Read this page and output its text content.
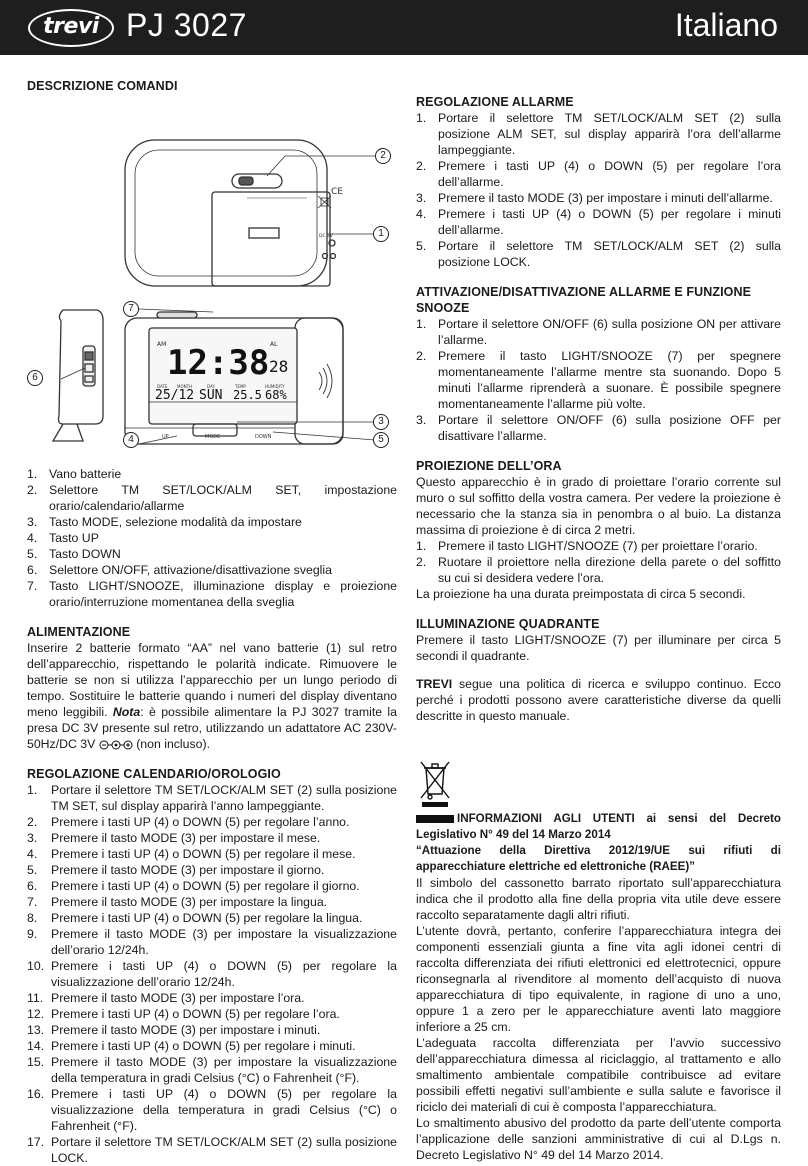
trevi PJ 3027	Italiano
DESCRIZIONE COMANDI
CE
DC 3V
AM 12:38 AL
28
DATE MONTH	DAY	TEMP	HUMIDITY
25/12 SUN 25.5 68%
UP	MODE	DOWN
2
1
7
6
3
4	5
1. Vano batterie
2. Selettore TM SET/LOCK/ALM SET, impostazione orario/calendario/allarme
3. Tasto MODE, selezione modalità da impostare
4. Tasto UP
5. Tasto DOWN
6. Selettore ON/OFF, attivazione/disattivazione sveglia
7. Tasto LIGHT/SNOOZE, illuminazione display e proiezione orario/interruzione momentanea della sveglia
ALIMENTAZIONE

Inserire 2 batterie formato “AA” nel vano batterie (1) sul retro dell’apparecchio, rispettando le polarità indicate. Rimuovere le batterie se non si utilizza l’apparecchio per un lungo periodo di tempo. Sostituire le batterie quando i numeri del display diventano meno leggibili. Nota: è possibile alimentare la PJ 3027 tramite la presa DC 3V presente sul retro, utilizzando un adattatore AC 230V-50Hz/DC 3V	(non incluso).

REGOLAZIONE CALENDARIO/OROLOGIO
1. Portare il selettore TM SET/LOCK/ALM SET (2) sulla posizione TM SET, sul display apparirà l’anno lampeggiante.
2. Premere i tasti UP (4) o DOWN (5) per regolare l’anno.
3. Premere il tasto MODE (3) per impostare il mese.
4. Premere i tasti UP (4) o DOWN (5) per regolare il mese.
5. Premere il tasto MODE (3) per impostare il giorno.
6. Premere i tasti UP (4) o DOWN (5) per regolare il giorno.
7. Premere il tasto MODE (3) per impostare la lingua.
8. Premere i tasti UP (4) o DOWN (5) per regolare la lingua.
9. Premere il tasto MODE (3) per impostare la visualizzazione dell’orario 12/24h.
10. Premere i tasti UP (4) o DOWN (5) per regolare la visualizzazione dell’orario 12/24h.
11. Premere il tasto MODE (3) per impostare l’ora.
12. Premere i tasti UP (4) o DOWN (5) per regolare l’ora.
13. Premere il tasto MODE (3) per impostare i minuti.
14. Premere i tasti UP (4) o DOWN (5) per regolare i minuti.
15. Premere il tasto MODE (3) per impostare la visualizzazione della temperatura in gradi Celsius (°C) o Fahrenheit (°F).
16. Premere i tasti UP (4) o DOWN (5) per regolare la visualizzazione della temperatura in gradi Celsius (°C) o Fahrenheit (°F).
17. Portare il selettore TM SET/LOCK/ALM SET (2) sulla posizione LOCK.
REGOLAZIONE ALLARME
1. Portare il selettore TM SET/LOCK/ALM SET (2) sulla posizione ALM SET, sul display apparirà l’ora dell’allarme lampeggiante.
2. Premere i tasti UP (4) o DOWN (5) per regolare l’ora dell’allarme.
3. Premere il tasto MODE (3) per impostare i minuti dell’allarme.
4. Premere i tasti UP (4) o DOWN (5) per regolare i minuti dell’allarme.
5. Portare il selettore TM SET/LOCK/ALM SET (2) sulla posizione LOCK.
ATTIVAZIONE/DISATTIVAZIONE ALLARME E FUNZIONE SNOOZE
1. Portare il selettore ON/OFF (6) sulla posizione ON per attivare l’allarme.
2. Premere il tasto LIGHT/SNOOZE (7) per spegnere momentaneamente l’allarme mentre sta suonando. Dopo 5 minuti l’allarme riprenderà a suonare. È possibile spegnere momentaneamente l’allarme più volte.
3. Portare il selettore ON/OFF (6) sulla posizione OFF per disattivare l’allarme.
PROIEZIONE DELL’ORA

Questo apparecchio è in grado di proiettare l’orario corrente sul muro o sul soffitto della vostra camera. Per vedere la proiezione è necessario che la stanza sia in penombra o al buio. La distanza massima di proiezione è di circa 2 metri.

1. Premere il tasto LIGHT/SNOOZE (7) per proiettare l’orario.
2. Ruotare il proiettore nella direzione della parete o del soffitto su cui si desidera vedere l’ora.

La proiezione ha una durata preimpostata di circa 5 secondi.

ILLUMINAZIONE QUADRANTE

Premere il tasto LIGHT/SNOOZE (7) per illuminare per circa 5 secondi il quadrante.

TREVI segue una politica di ricerca e sviluppo continuo. Ecco perché i prodotti possono avere caratteristiche diverse da quelli descritte in questo manuale.

INFORMAZIONI AGLI UTENTI ai sensi del Decreto Legislativo N° 49 del 14 Marzo 2014

“Attuazione della Direttiva 2012/19/UE sui rifiuti di apparecchiature elettriche ed elettroniche (RAEE)”

Il simbolo del cassonetto barrato riportato sull’apparecchiatura indica che il prodotto alla fine della propria vita utile deve essere raccolto separatamente dagli altri rifiuti.

L’utente dovrà, pertanto, conferire l’apparecchiatura integra dei componenti essenziali giunta a fine vita agli idonei centri di raccolta differenziata dei rifiuti elettronici ed elettrotecnici, oppure riconsegnarla al rivenditore al momento dell’acquisto di nuova apparecchiatura di tipo equivalente, in ragione di uno a uno, oppure 1 a zero per le apparecchiature aventi lato maggiore inferiore a 25 cm.

L’adeguata raccolta differenziata per l’avvio successivo dell’apparecchiatura dimessa al riciclaggio, al trattamento e allo smaltimento ambientale compatibile contribuisce ad evitare possibili effetti negativi sull’ambiente e sulla salute e favorisce il riciclo dei materiali di cui è composta l’apparecchiatura.

Lo smaltimento abusivo del prodotto da parte dell’utente comporta l’applicazione delle sanzioni amministrative di cui al D.Lgs n. Decreto Legislativo N° 49 del 14 Marzo 2014.
